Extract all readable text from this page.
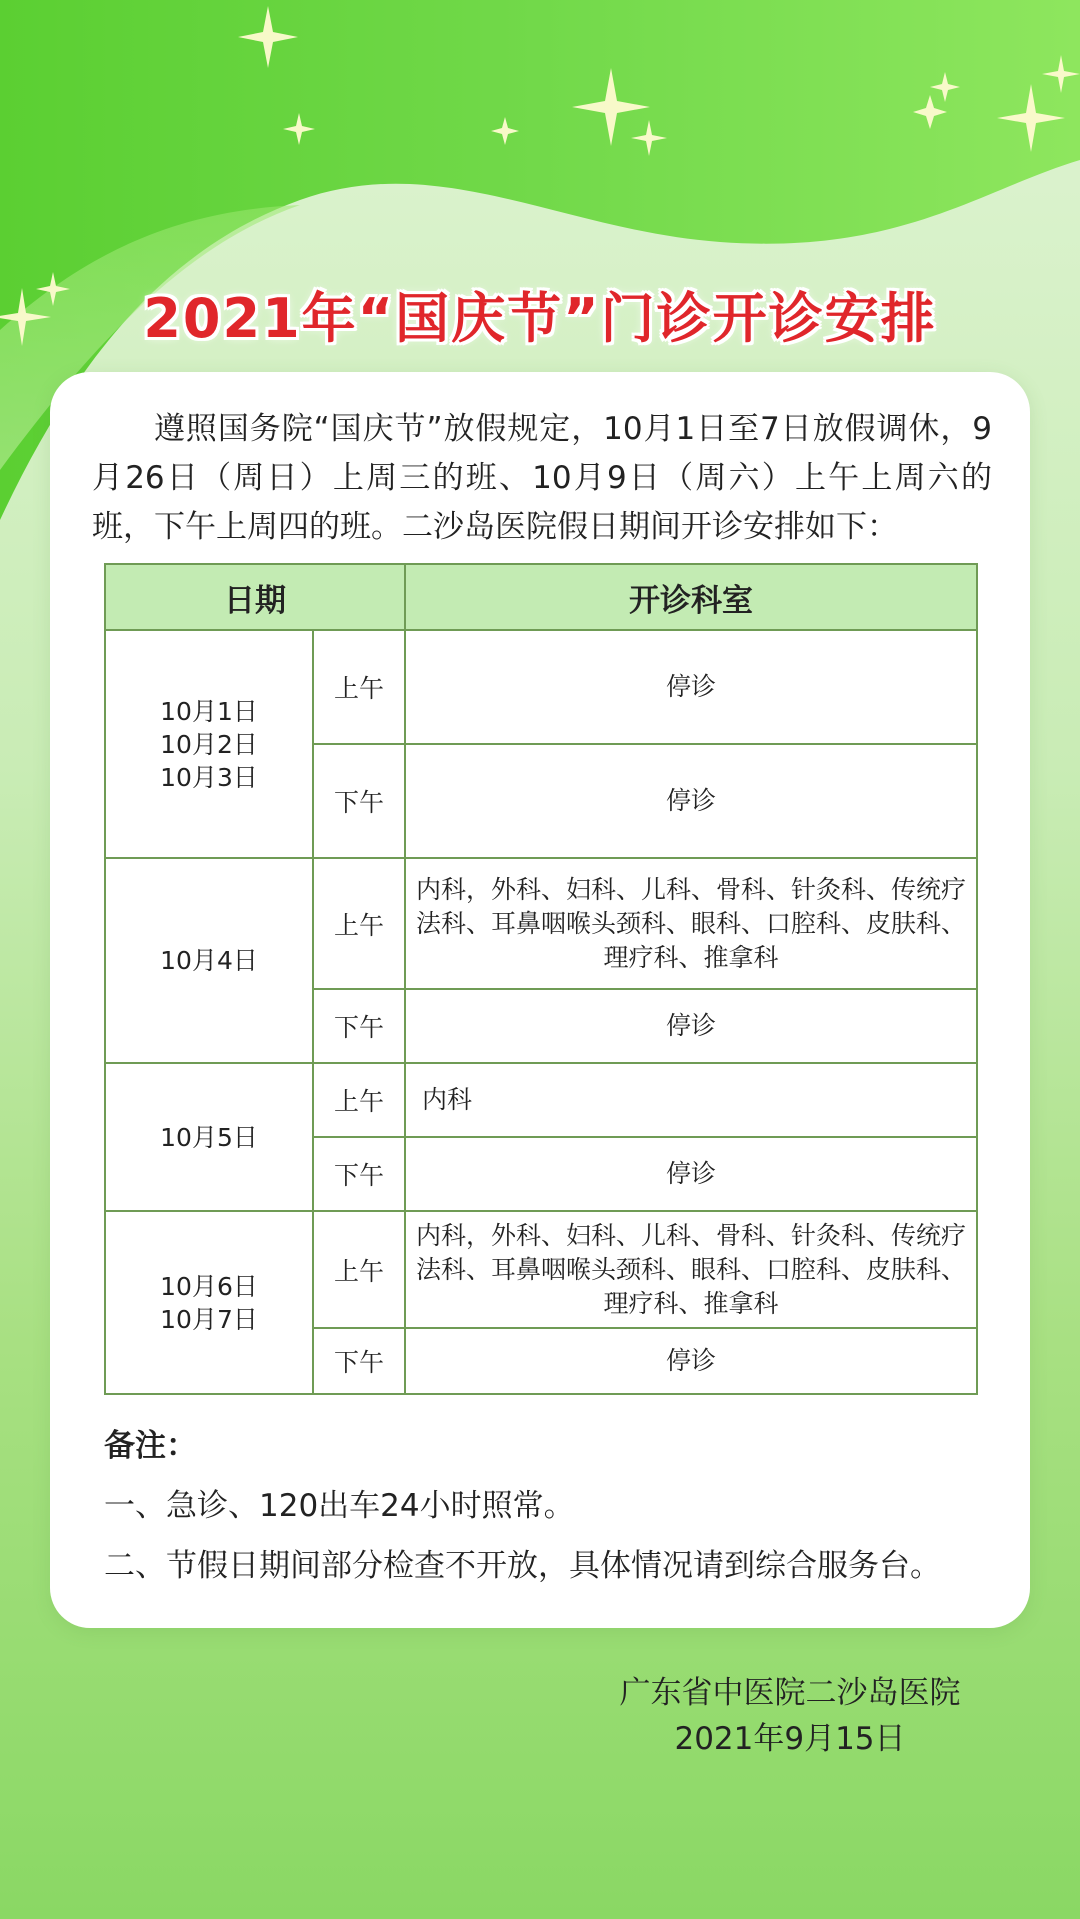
2021年“国庆节”门诊开诊安排

遵照国务院“国庆节”放假规定，10月1日至7日放假调休，9月26日（周日）上周三的班、10月9日（周六）上午上周六的班，下午上周四的班。二沙岛医院假日期间开诊安排如下：

日期		开诊科室
10月1日
10月2日
10月3日	上午	停诊
	下午	停诊
10月4日	上午	内科，外科、妇科、儿科、骨科、针灸科、传统疗法科、耳鼻咽喉头颈科、眼科、口腔科、皮肤科、理疗科、推拿科
	下午	停诊
10月5日	上午	内科
	下午	停诊
10月6日
10月7日	上午	内科，外科、妇科、儿科、骨科、针灸科、传统疗法科、耳鼻咽喉头颈科、眼科、口腔科、皮肤科、理疗科、推拿科
	下午	停诊
备注：
一、急诊、120出车24小时照常。
二、节假日期间部分检查不开放，具体情况请到综合服务台。
广东省中医院二沙岛医院
2021年9月15日
